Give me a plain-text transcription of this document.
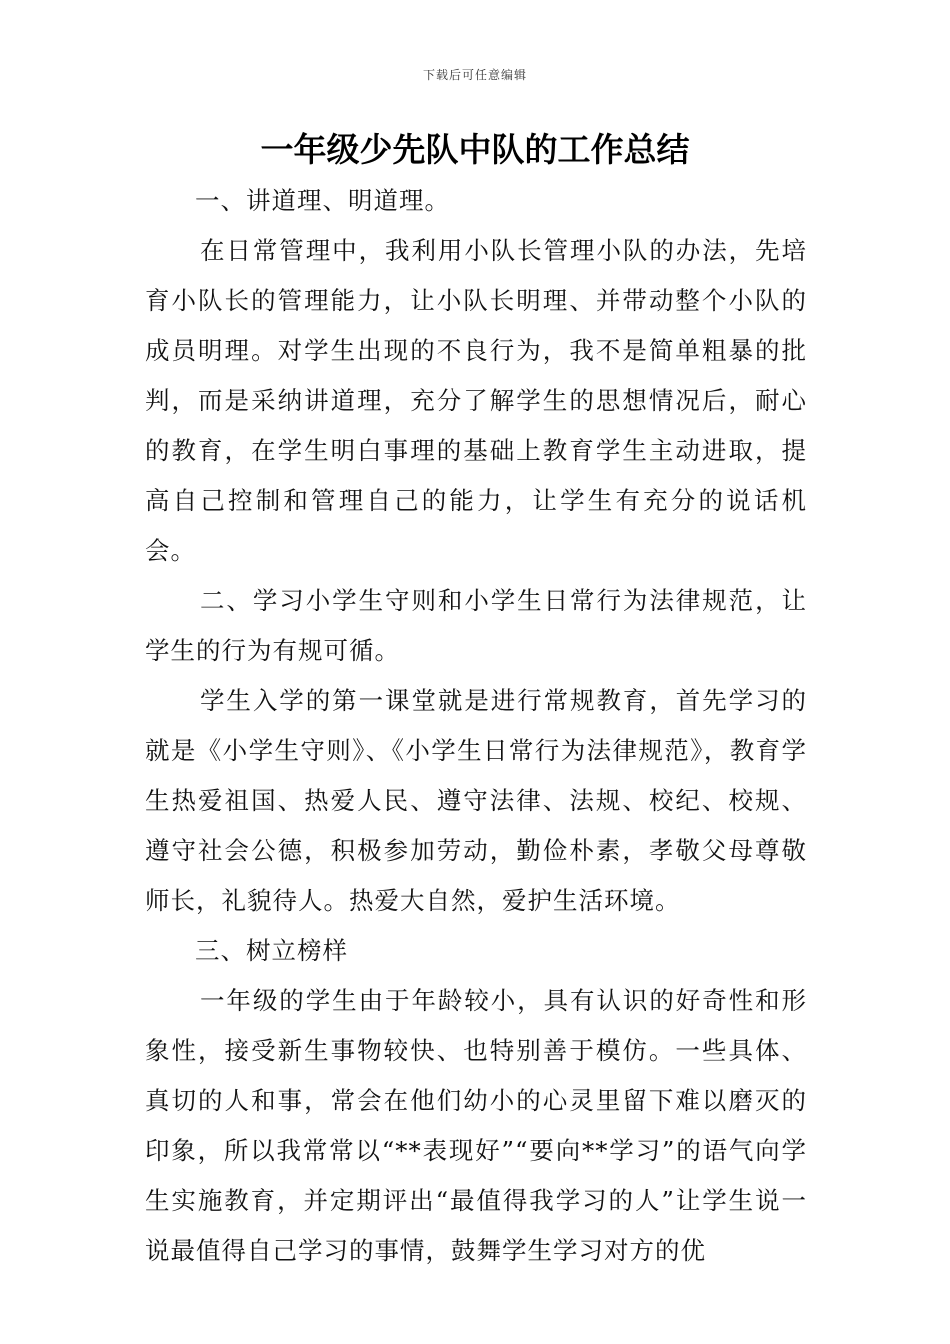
下载后可任意编辑
一年级少先队中队的工作总结

一、讲道理、明道理。

在日常管理中，我利用小队长管理小队的办法，先培育小队长的管理能力，让小队长明理、并带动整个小队的成员明理。对学生出现的不良行为，我不是简单粗暴的批判，而是采纳讲道理，充分了解学生的思想情况后，耐心的教育，在学生明白事理的基础上教育学生主动进取，提高自己控制和管理自己的能力，让学生有充分的说话机会。

二、学习小学生守则和小学生日常行为法律规范，让学生的行为有规可循。

学生入学的第一课堂就是进行常规教育，首先学习的就是《小学生守则》、《小学生日常行为法律规范》，教育学生热爱祖国、热爱人民、遵守法律、法规、校纪、校规、遵守社会公德，积极参加劳动，勤俭朴素，孝敬父母尊敬师长，礼貌待人。热爱大自然，爱护生活环境。

三、树立榜样

一年级的学生由于年龄较小，具有认识的好奇性和形象性，接受新生事物较快、也特别善于模仿。一些具体、真切的人和事，常会在他们幼小的心灵里留下难以磨灭的印象，所以我常常以“**表现好”“要向**学习”的语气向学生实施教育，并定期评出“最值得我学习的人”让学生说一说最值得自己学习的事情，鼓舞学生学习对方的优
